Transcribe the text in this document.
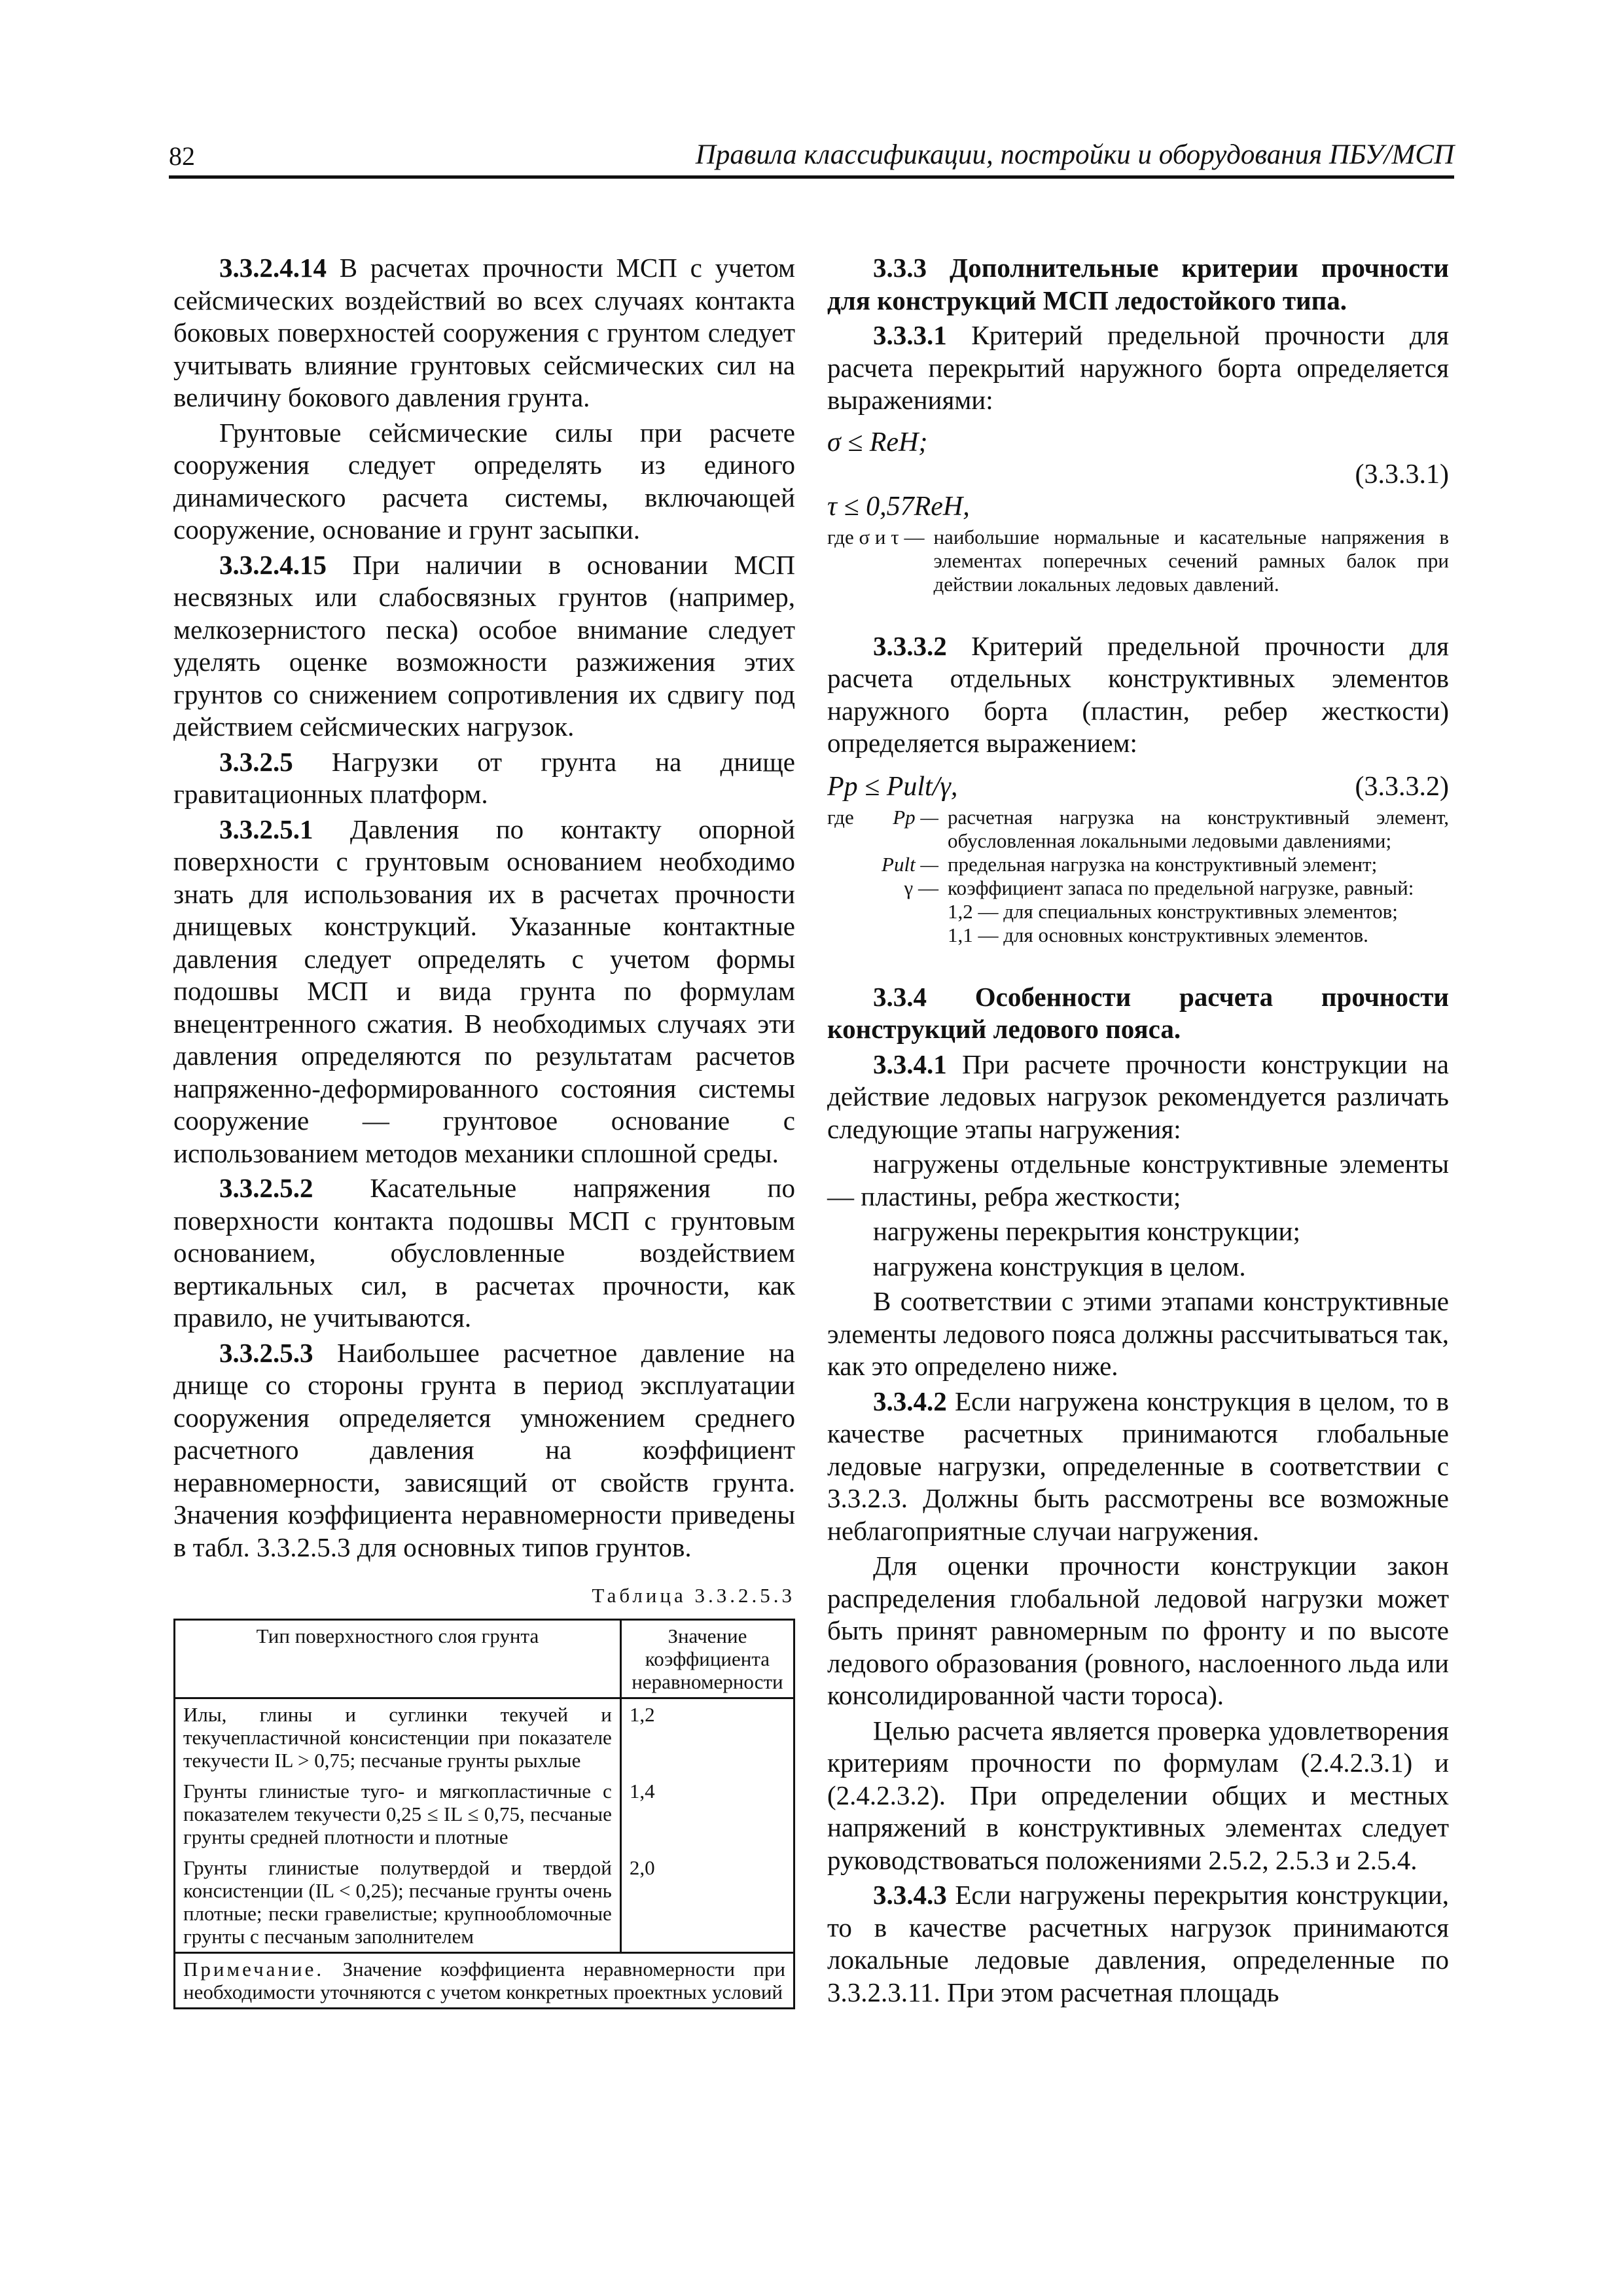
82	Правила классификации, постройки и оборудования ПБУ/МСП

3.3.2.4.14 В расчетах прочности МСП с учетом сейсмических воздействий во всех случаях контакта боковых поверхностей сооружения с грунтом следует учитывать влияние грунтовых сейсмических сил на величину бокового давления грунта.

Грунтовые сейсмические силы при расчете сооружения следует определять из единого динамического расчета системы, включающей сооружение, основание и грунт засыпки.

3.3.2.4.15 При наличии в основании МСП несвязных или слабосвязных грунтов (например, мелкозернистого песка) особое внимание следует уделять оценке возможности разжижения этих грунтов со снижением сопротивления их сдвигу под действием сейсмических нагрузок.

3.3.2.5 Нагрузки от грунта на днище гравитационных платформ.

3.3.2.5.1 Давления по контакту опорной поверхности с грунтовым основанием необходимо знать для использования их в расчетах прочности днищевых конструкций. Указанные контактные давления следует определять с учетом формы подошвы МСП и вида грунта по формулам внецентренного сжатия. В необходимых случаях эти давления определяются по результатам расчетов напряженно-деформированного состояния системы сооружение — грунтовое основание с использованием методов механики сплошной среды.

3.3.2.5.2 Касательные напряжения по поверхности контакта подошвы МСП с грунтовым основанием, обусловленные воздействием вертикальных сил, в расчетах прочности, как правило, не учитываются.

3.3.2.5.3 Наибольшее расчетное давление на днище со стороны грунта в период эксплуатации сооружения определяется умножением среднего расчетного давления на коэффициент неравномерности, зависящий от свойств грунта. Значения коэффициента неравномерности приведены в табл. 3.3.2.5.3 для основных типов грунтов.

Таблица 3.3.2.5.3
Тип поверхностного слоя грунта	Значение коэффициента неравномерности
Илы, глины и суглинки текучей и текучепластичной консистенции при показателе текучести IL > 0,75; песчаные грунты рыхлые	1,2
Грунты глинистые туго- и мягкопластичные с показателем текучести 0,25 ≤ IL ≤ 0,75, песчаные грунты средней плотности и плотные	1,4
Грунты глинистые полутвердой и твердой консистенции (IL < 0,25); песчаные грунты очень плотные; пески гравелистые; крупнообломочные грунты с песчаным заполнителем	2,0
Примечание. Значение коэффициента неравномерности при необходимости уточняются с учетом конкретных проектных условий	

3.3.3 Дополнительные критерии прочности для конструкций МСП ледостойкого типа.

3.3.3.1 Критерий предельной прочности для расчета перекрытий наружного борта определяется выражениями:

σ ≤ ReH;
(3.3.3.1)
τ ≤ 0,57ReH,
где σ и τ — наибольшие нормальные и касательные напряжения в элементах поперечных сечений рамных балок при действии локальных ледовых давлений.

3.3.3.2 Критерий предельной прочности для расчета отдельных конструктивных элементов наружного борта (пластин, ребер жесткости) определяется выражением:

Pp ≤ Pult/γ,	(3.3.3.2)
где	Pp — расчетная нагрузка на конструктивный элемент, обусловленная локальными ледовыми давлениями;
Pult — предельная нагрузка на конструктивный элемент;
γ — коэффициент запаса по предельной нагрузке, равный:
1,2 — для специальных конструктивных элементов;
1,1 — для основных конструктивных элементов.

3.3.4 Особенности расчета прочности конструкций ледового пояса.

3.3.4.1 При расчете прочности конструкции на действие ледовых нагрузок рекомендуется различать следующие этапы нагружения:

нагружены отдельные конструктивные элементы — пластины, ребра жесткости;

нагружены перекрытия конструкции;

нагружена конструкция в целом.

В соответствии с этими этапами конструктивные элементы ледового пояса должны рассчитываться так, как это определено ниже.

3.3.4.2 Если нагружена конструкция в целом, то в качестве расчетных принимаются глобальные ледовые нагрузки, определенные в соответствии с 3.3.2.3. Должны быть рассмотрены все возможные неблагоприятные случаи нагружения.

Для оценки прочности конструкции закон распределения глобальной ледовой нагрузки может быть принят равномерным по фронту и по высоте ледового образования (ровного, наслоенного льда или консолидированной части тороса).

Целью расчета является проверка удовлетворения критериям прочности по формулам (2.4.2.3.1) и (2.4.2.3.2). При определении общих и местных напряжений в конструктивных элементах следует руководствоваться положениями 2.5.2, 2.5.3 и 2.5.4.

3.3.4.3 Если нагружены перекрытия конструкции, то в качестве расчетных нагрузок принимаются локальные ледовые давления, определенные по 3.3.2.3.11. При этом расчетная площадь
